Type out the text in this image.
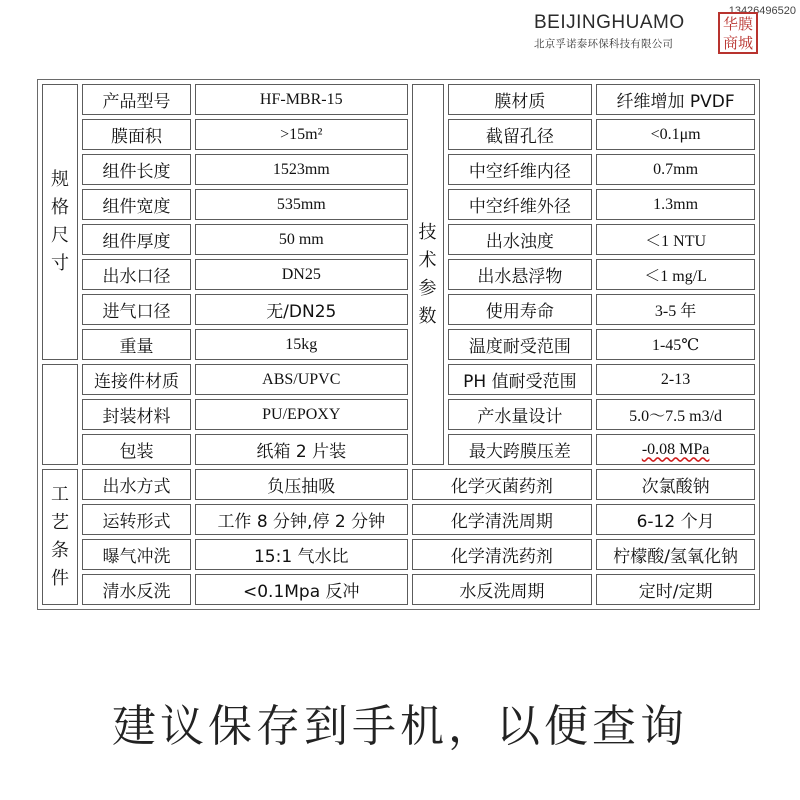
13426496520
BEIJINGHUAMO
北京孚诺泰环保科技有限公司
华膜
商城
规
格
尺
寸	产品型号	HF-MBR-15	技术参数	膜材质	纤维增加 PVDF
	膜面积	>15m²		截留孔径	<0.1μm
	组件长度	1523mm		中空纤维内径	0.7mm
	组件宽度	535mm		中空纤维外径	1.3mm
	组件厚度	50 mm		出水浊度	＜1 NTU
	出水口径	DN25		出水悬浮物	＜1 mg/L
	进气口径	无/DN25		使用寿命	3-5 年
	重量	15kg		温度耐受范围	1-45℃
	连接件材质	ABS/UPVC		PH 值耐受范围	2-13
	封装材料	PU/EPOXY		产水量设计	5.0～7.5 m3/d
	包装	纸箱 2 片装		最大跨膜压差	-0.08 MPa

工
艺
条
件	出水方式	负压抽吸	化学灭菌药剂		次氯酸钠
	运转形式	工作 8 分钟,停 2 分钟	化学清洗周期		6-12 个月
	曝气冲洗	15:1 气水比	化学清洗药剂		柠檬酸/氢氧化钠
	清水反洗	<0.1Mpa 反冲	水反洗周期		定时/定期
建议保存到手机，以便查询
